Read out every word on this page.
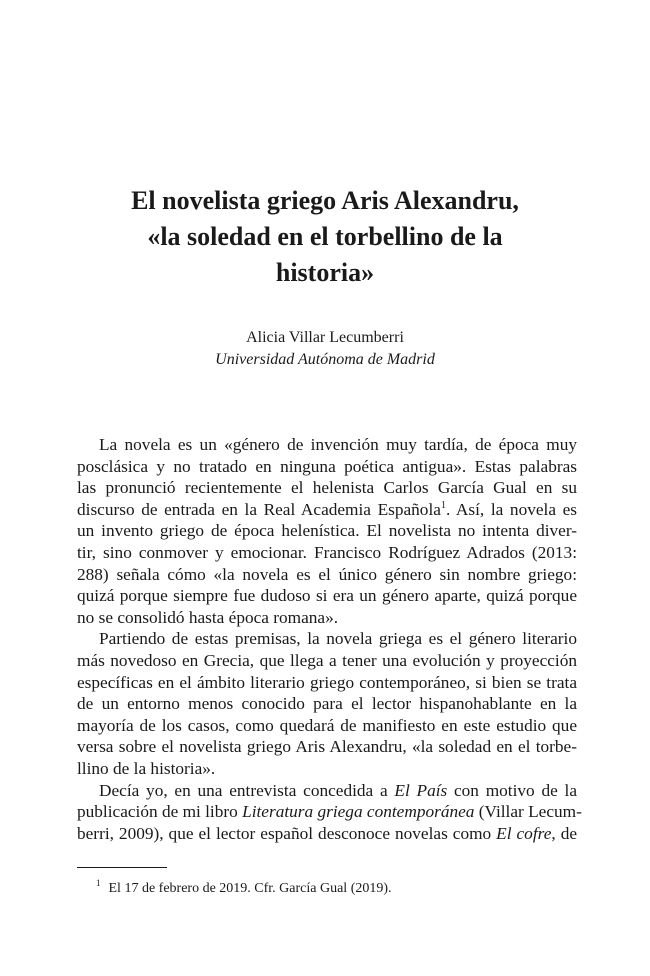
El novelista griego Aris Alexandru,
«la soledad en el torbellino de la
historia»
Alicia Villar Lecumberri
Universidad Autónoma de Madrid
La novela es un «género de invención muy tardía, de época muy
posclásica y no tratado en ninguna poética antigua». Estas palabras
las pronunció recientemente el helenista Carlos García Gual en su
discurso de entrada en la Real Academia Española$^1$. Así, la novela es
un invento griego de época helenística. El novelista no intenta diver-
tir, sino conmover y emocionar. Francisco Rodríguez Adrados (2013:
288) señala cómo «la novela es el único género sin nombre griego:
quizá porque siempre fue dudoso si era un género aparte, quizá porque
no se consolidó hasta época romana».
Partiendo de estas premisas, la novela griega es el género literario
más novedoso en Grecia, que llega a tener una evolución y proyección
específicas en el ámbito literario griego contemporáneo, si bien se trata
de un entorno menos conocido para el lector hispanohablante en la
mayoría de los casos, como quedará de manifiesto en este estudio que
versa sobre el novelista griego Aris Alexandru, «la soledad en el torbe-
llino de la historia».
Decía yo, en una entrevista concedida a El País con motivo de la
publicación de mi libro Literatura griega contemporánea (Villar Lecum-
berri, 2009), que el lector español desconoce novelas como El cofre, de
$^1$ El 17 de febrero de 2019. Cfr. García Gual (2019).
